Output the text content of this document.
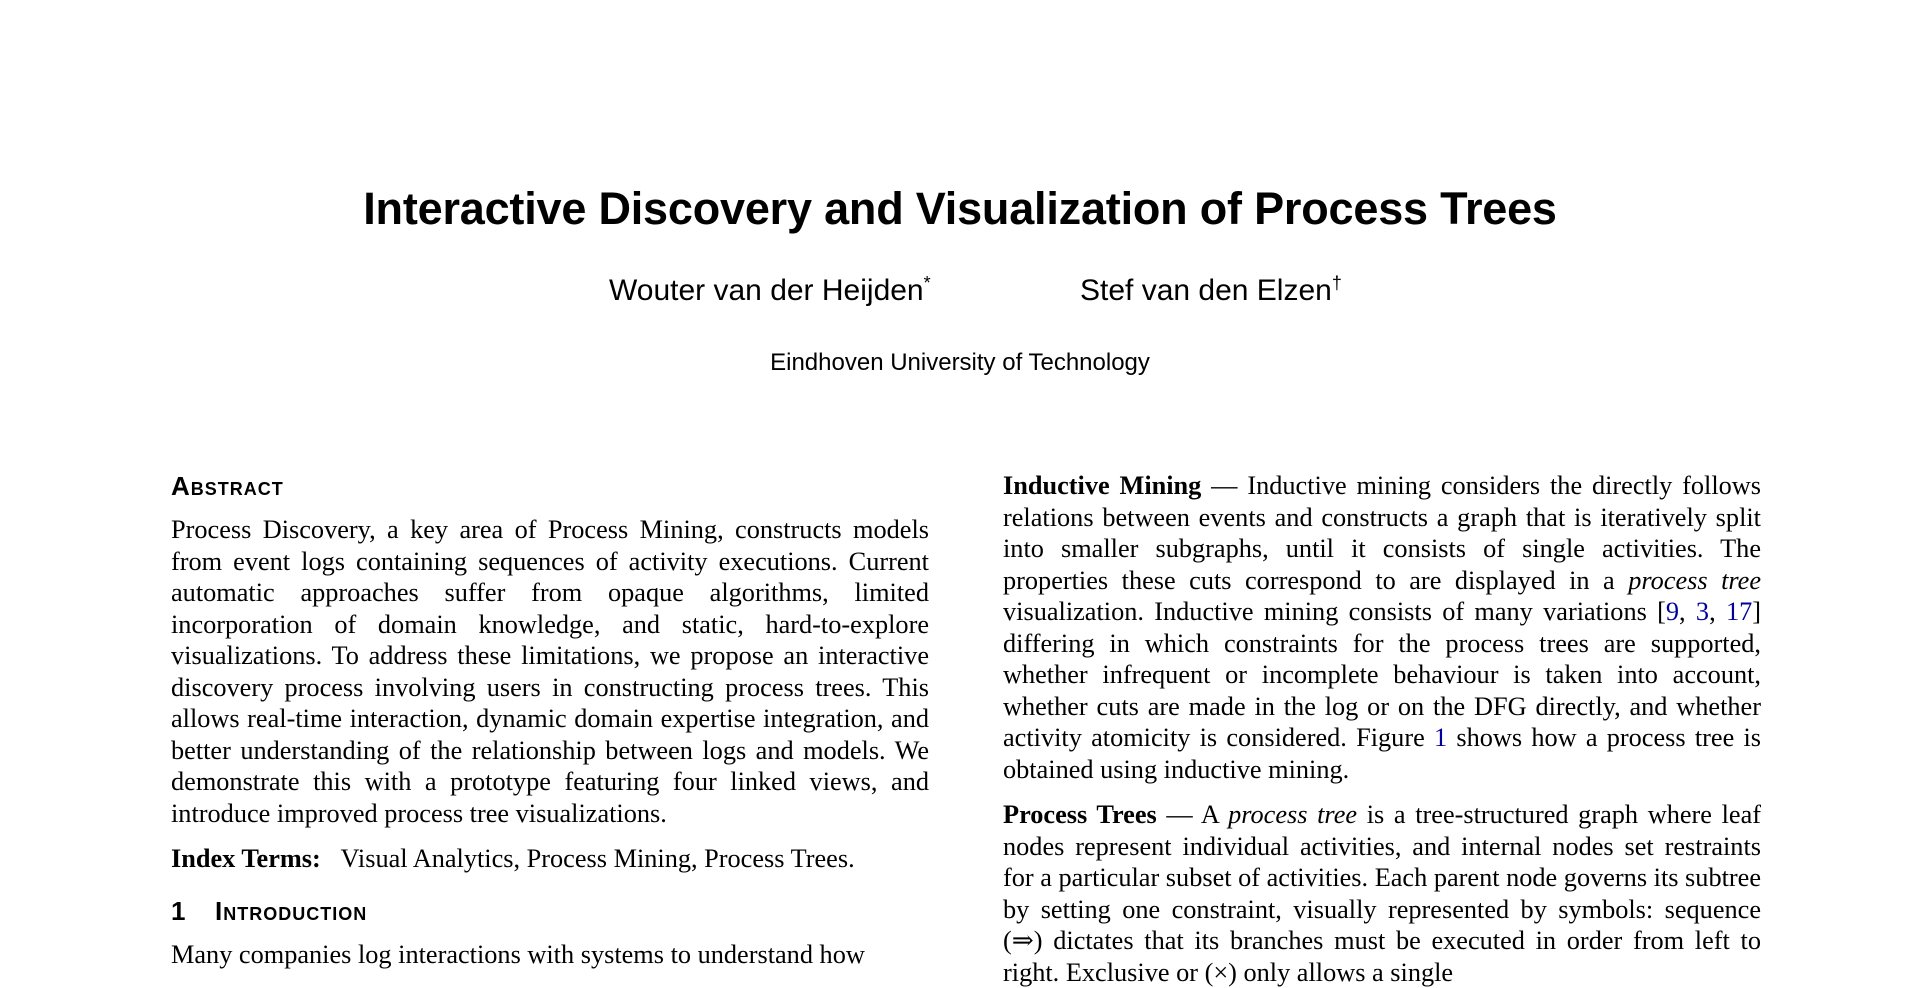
Interactive Discovery and Visualization of Process Trees
Wouter van der Heijden*	Stef van den Elzen†
Eindhoven University of Technology
Abstract

Process Discovery, a key area of Process Mining, constructs models from event logs containing sequences of activity executions. Current automatic approaches suffer from opaque algorithms, limited incorporation of domain knowledge, and static, hard-to-explore visualizations. To address these limitations, we propose an interactive discovery process involving users in constructing process trees. This allows real-time interaction, dynamic domain expertise integration, and better understanding of the relationship between logs and models. We demonstrate this with a prototype featuring four linked views, and introduce improved process tree visualizations.

Index Terms: Visual Analytics, Process Mining, Process Trees.

1 Introduction

Many companies log interactions with systems to understand how

Inductive Mining — Inductive mining considers the directly follows relations between events and constructs a graph that is iteratively split into smaller subgraphs, until it consists of single activities. The properties these cuts correspond to are displayed in a process tree visualization. Inductive mining consists of many variations [9, 3, 17] differing in which constraints for the process trees are supported, whether infrequent or incomplete behaviour is taken into account, whether cuts are made in the log or on the DFG directly, and whether activity atomicity is considered. Figure 1 shows how a process tree is obtained using inductive mining.

Process Trees — A process tree is a tree-structured graph where leaf nodes represent individual activities, and internal nodes set restraints for a particular subset of activities. Each parent node governs its subtree by setting one constraint, visually represented by symbols: sequence (⇒) dictates that its branches must be executed in order from left to right. Exclusive or (×) only allows a single
